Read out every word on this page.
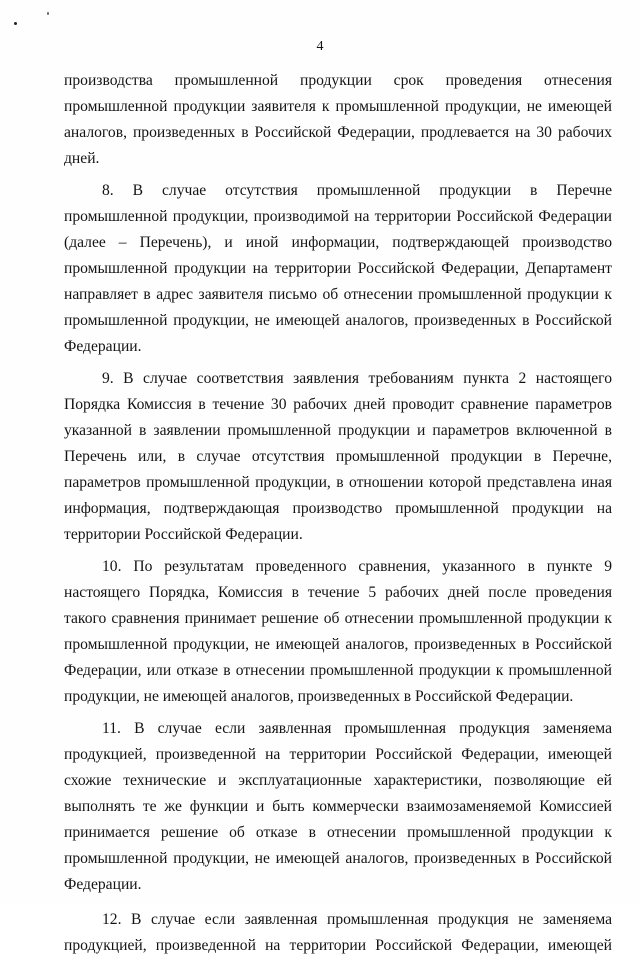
4

производства промышленной продукции срок проведения отнесения промышленной продукции заявителя к промышленной продукции, не имеющей аналогов, произведенных в Российской Федерации, продлевается на 30 рабочих дней.

8. В случае отсутствия промышленной продукции в Перечне промышленной продукции, производимой на территории Российской Федерации (далее – Перечень), и иной информации, подтверждающей производство промышленной продукции на территории Российской Федерации, Департамент направляет в адрес заявителя письмо об отнесении промышленной продукции к промышленной продукции, не имеющей аналогов, произведенных в Российской Федерации.

9. В случае соответствия заявления требованиям пункта 2 настоящего Порядка Комиссия в течение 30 рабочих дней проводит сравнение параметров указанной в заявлении промышленной продукции и параметров включенной в Перечень или, в случае отсутствия промышленной продукции в Перечне, параметров промышленной продукции, в отношении которой представлена иная информация, подтверждающая производство промышленной продукции на территории Российской Федерации.

10. По результатам проведенного сравнения, указанного в пункте 9 настоящего Порядка, Комиссия в течение 5 рабочих дней после проведения такого сравнения принимает решение об отнесении промышленной продукции к промышленной продукции, не имеющей аналогов, произведенных в Российской Федерации, или отказе в отнесении промышленной продукции к промышленной продукции, не имеющей аналогов, произведенных в Российской Федерации.

11. В случае если заявленная промышленная продукция заменяема продукцией, произведенной на территории Российской Федерации, имеющей схожие технические и эксплуатационные характеристики, позволяющие ей выполнять те же функции и быть коммерчески взаимозаменяемой Комиссией принимается решение об отказе в отнесении промышленной продукции к промышленной продукции, не имеющей аналогов, произведенных в Российской Федерации.

12. В случае если заявленная промышленная продукция не заменяема продукцией, произведенной на территории Российской Федерации, имеющей
